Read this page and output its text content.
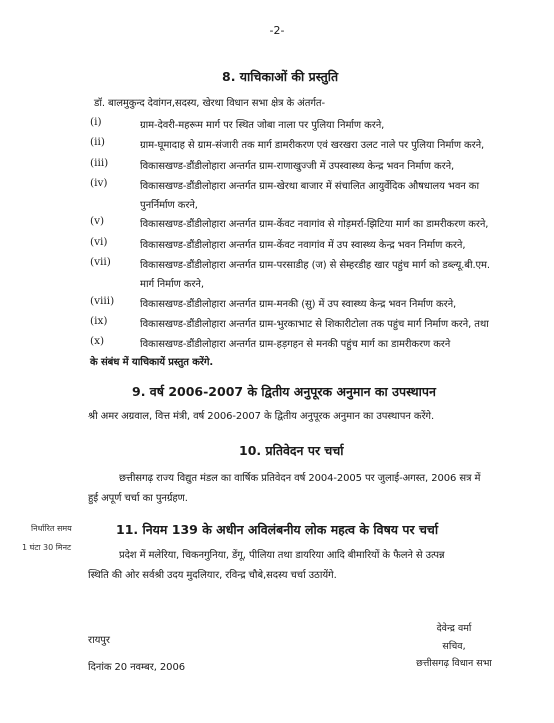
-2-
8. याचिकाओं की प्रस्तुति
डॉ. बालमुकुन्द देवांगन,सदस्य, खेरथा विधान सभा क्षेत्र के अंतर्गत-
(i)	ग्राम-देवरी-महरूम मार्ग पर स्थित जोबा नाला पर पुलिया निर्माण करने,
(ii)	ग्राम-घूमादाह से ग्राम-संजारी तक मार्ग डामरीकरण एवं खरखरा उलट नाले पर पुलिया निर्माण करने,
(iii)	विकासखण्ड-डौंडीलोहारा अन्तर्गत ग्राम-राणाखुज्जी में उपस्वास्थ्य केन्द्र भवन निर्माण करने,
(iv)	विकासखण्ड-डौंडीलोहारा अन्तर्गत ग्राम-खेरथा बाजार में संचालित आयुर्वेदिक औषधालय भवन का
पुनर्निर्माण करने,
(v)	विकासखण्ड-डौंडीलोहारा अन्तर्गत ग्राम-केंवट नवागांव से गोड़मर्रा-झिटिया मार्ग का डामरीकरण करने,
(vi)	विकासखण्ड-डौंडीलोहारा अन्तर्गत ग्राम-केंवट नवागांव में उप स्वास्थ्य केन्द्र भवन निर्माण करने,
(vii)	विकासखण्ड-डौंडीलोहारा अन्तर्गत ग्राम-परसाडीह (ज) से सेम्हरडीह खार पहुंच मार्ग को डब्ल्यू.बी.एम.
मार्ग निर्माण करने,
(viii)	विकासखण्ड-डौंडीलोहारा अन्तर्गत ग्राम-मनकी (सु) में उप स्वास्थ्य केन्द्र भवन निर्माण करने,
(ix)	विकासखण्ड-डौंडीलोहारा अन्तर्गत ग्राम-भुरकाभाट से शिकारीटोला तक पहुंच मार्ग निर्माण करने, तथा
(x)	विकासखण्ड-डौंडीलोहारा अन्तर्गत ग्राम-हड़गहन से मनकी पहुंच मार्ग का डामरीकरण करने
के संबंध में याचिकायें प्रस्तुत करेंगे.
9. वर्ष 2006-2007 के द्वितीय अनुपूरक अनुमान का उपस्थापन
श्री अमर अग्रवाल, वित्त मंत्री, वर्ष 2006-2007 के द्वितीय अनुपूरक अनुमान का उपस्थापन करेंगे.
10. प्रतिवेदन पर चर्चा
छत्तीसगढ़ राज्य विद्युत मंडल का वार्षिक प्रतिवेदन वर्ष 2004-2005 पर जुलाई-अगस्त, 2006 सत्र में
हुई अपूर्ण चर्चा का पुनर्ग्रहण.
निर्धारित समय
1 घंटा 30 मिनट
11. नियम 139 के अधीन अविलंबनीय लोक महत्व के विषय पर चर्चा
प्रदेश में मलेरिया, चिकनगुनिया, डेंगू, पीलिया तथा डायरिया आदि बीमारियों के फैलने से उत्पन्न
स्थिति की ओर सर्वश्री उदय मुदलियार, रविन्द्र चौबे,सदस्य चर्चा उठायेंगे.
रायपुर
दिनांक 20 नवम्बर, 2006
देवेन्द्र वर्मा
सचिव,
छत्तीसगढ़ विधान सभा
